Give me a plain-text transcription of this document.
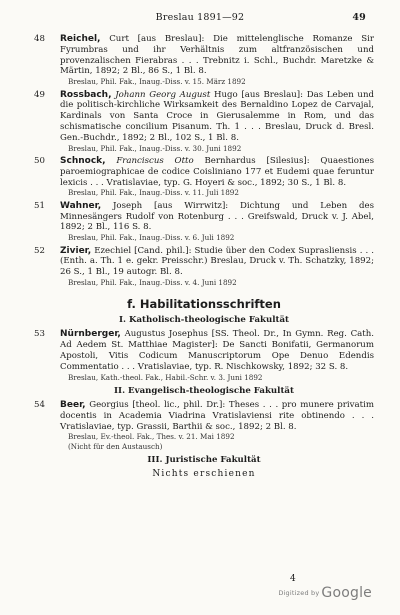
Breslau 1891—92	49
48	Reichel, Curt [aus Breslau]: Die mittelenglische Romanze Sir Fyrumbras und ihr Verhältnis zum altfranzösischen und provenzalischen Fierabras . . . Trebnitz i. Schl., Buchdr. Maretzke & Märtin, 1892; 2 Bl., 86 S., 1 Bl. 8.
Breslau, Phil. Fak., Inaug.-Diss. v. 15. März 1892
49	Rossbach, Johann Georg August Hugo [aus Breslau]: Das Leben und die politisch-kirchliche Wirksamkeit des Bernaldino Lopez de Carvajal, Kardinals von Santa Croce in Gierusalemme in Rom, und das schismatische concilium Pisanum. Th. 1 . . . Breslau, Druck d. Bresl. Gen.-Buchdr., 1892; 2 Bl., 102 S., 1 Bl. 8.
Breslau, Phil. Fak., Inaug.-Diss. v. 30. Juni 1892
50	Schnock, Franciscus Otto Bernhardus [Silesius]: Quaestiones paroemiographicae de codice Coisliniano 177 et Eudemi quae feruntur lexicis . . . Vratislaviae, typ. G. Hoyeri & soc., 1892; 30 S., 1 Bl. 8.
Breslau, Phil. Fak., Inaug.-Diss. v. 11. Juli 1892
51	Wahner, Joseph [aus Wirrwitz]: Dichtung und Leben des Minnesängers Rudolf von Rotenburg . . . Greifswald, Druck v. J. Abel, 1892; 2 Bl., 116 S. 8.
Breslau, Phil. Fak., Inaug.-Diss. v. 6. Juli 1892
52	Zivier, Ezechiel [Cand. phil.]: Studie über den Codex Suprasliensis . . . (Enth. a. Th. 1 e. gekr. Preisschr.) Breslau, Druck v. Th. Schatzky, 1892; 26 S., 1 Bl., 19 autogr. Bl. 8.
Breslau, Phil. Fak., Inaug.-Diss. v. 4. Juni 1892
f. Habilitationsschriften
I. Katholisch-theologische Fakultät
53	Nürnberger, Augustus Josephus [SS. Theol. Dr., In Gymn. Reg. Cath. Ad Aedem St. Matthiae Magister]: De Sancti Bonifatii, Germanorum Apostoli, Vitis Codicum Manuscriptorum Ope Denuo Edendis Commentatio . . . Vratislaviae, typ. R. Nischkowsky, 1892; 32 S. 8.
Breslau, Kath.-theol. Fak., Habil.-Schr. v. 3. Juni 1892
II. Evangelisch-theologische Fakultät
54	Beer, Georgius [theol. lic., phil. Dr.]: Theses . . . pro munere privatim docentis in Academia Viadrina Vratislaviensi rite obtinendo . . . Vratislaviae, typ. Grassii, Barthii & soc., 1892; 2 Bl. 8.
Breslau, Ev.-theol. Fak., Thes. v. 21. Mai 1892
(Nicht für den Austausch)
III. Juristische Fakultät
Nichts erschienen
4
Digitized by Google
